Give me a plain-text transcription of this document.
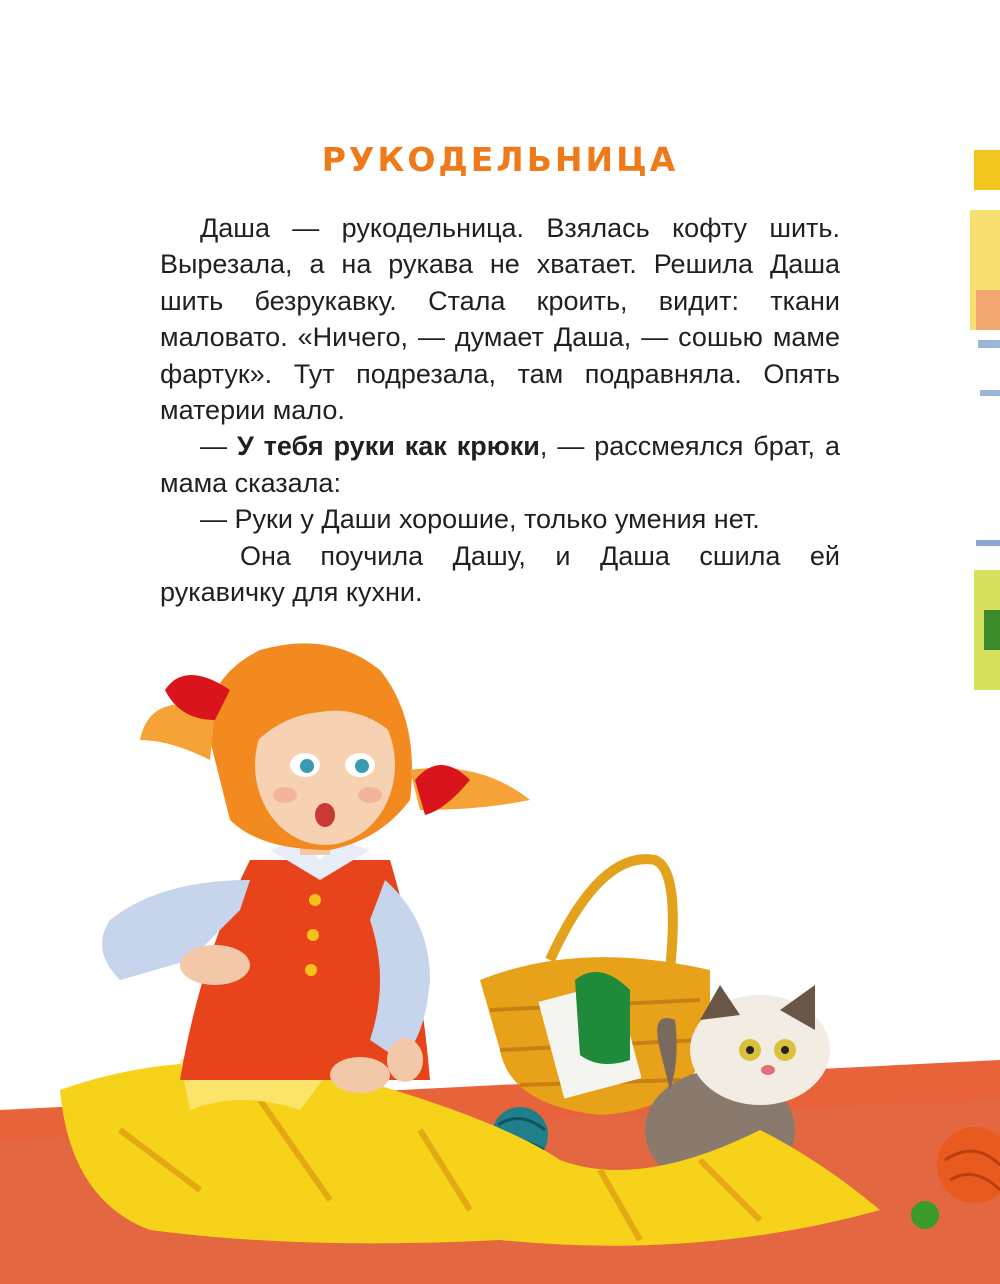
РУКОДЕЛЬНИЦА

Даша — рукодельница. Взялась кофту шить. Вырезала, а на рукава не хватает. Решила Даша шить безрукавку. Стала кроить, видит: ткани маловато. «Ничего, — думает Даша, — сошью маме фартук». Тут подрезала, там подравняла. Опять материи мало.

— У тебя руки как крюки, — рассмеялся брат, а мама сказала:

— Руки у Даши хорошие, только умения нет.

Она поучила Дашу, и Даша сшила ей рукавичку для кухни.
